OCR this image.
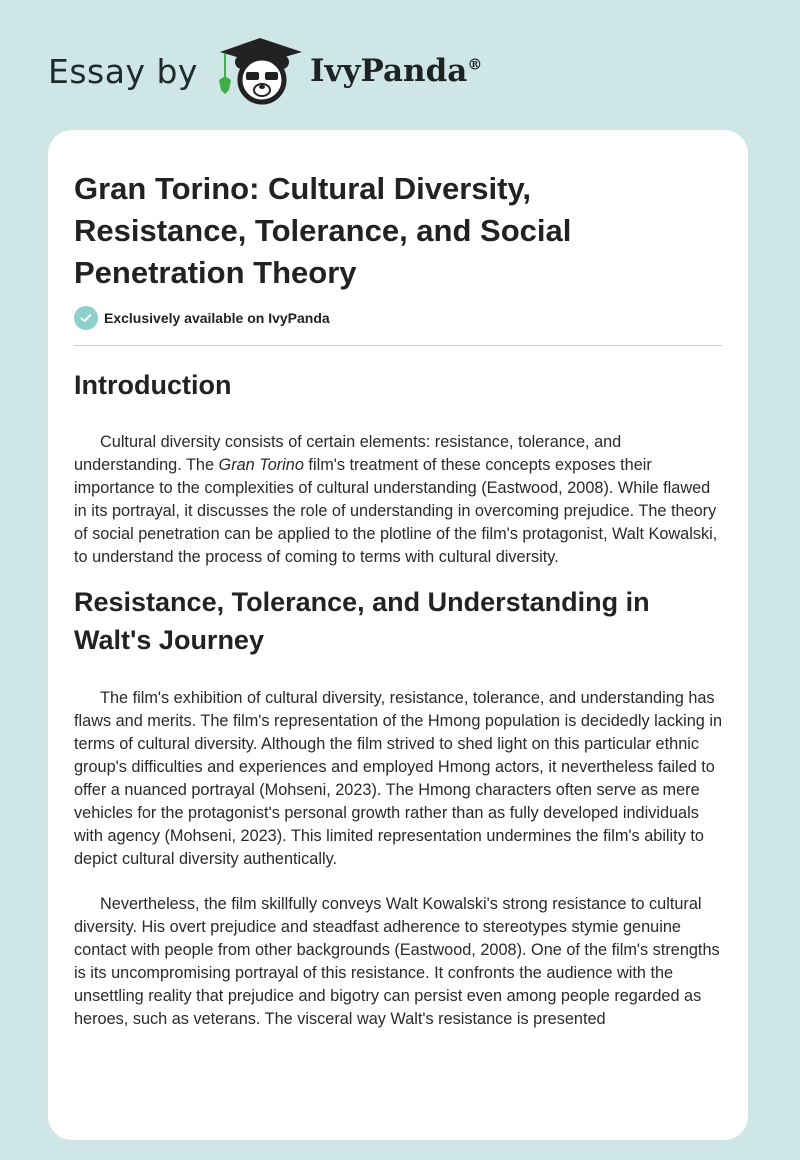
Essay by	IvyPanda®
Gran Torino: Cultural Diversity, Resistance, Tolerance, and Social Penetration Theory
Exclusively available on IvyPanda
Introduction

Cultural diversity consists of certain elements: resistance, tolerance, and understanding. The Gran Torino film's treatment of these concepts exposes their importance to the complexities of cultural understanding (Eastwood, 2008). While flawed in its portrayal, it discusses the role of understanding in overcoming prejudice. The theory of social penetration can be applied to the plotline of the film's protagonist, Walt Kowalski, to understand the process of coming to terms with cultural diversity.

Resistance, Tolerance, and Understanding in Walt's Journey

The film's exhibition of cultural diversity, resistance, tolerance, and understanding has flaws and merits. The film's representation of the Hmong population is decidedly lacking in terms of cultural diversity. Although the film strived to shed light on this particular ethnic group's difficulties and experiences and employed Hmong actors, it nevertheless failed to offer a nuanced portrayal (Mohseni, 2023). The Hmong characters often serve as mere vehicles for the protagonist's personal growth rather than as fully developed individuals with agency (Mohseni, 2023). This limited representation undermines the film's ability to depict cultural diversity authentically.

Nevertheless, the film skillfully conveys Walt Kowalski's strong resistance to cultural diversity. His overt prejudice and steadfast adherence to stereotypes stymie genuine contact with people from other backgrounds (Eastwood, 2008). One of the film's strengths is its uncompromising portrayal of this resistance. It confronts the audience with the unsettling reality that prejudice and bigotry can persist even among people regarded as heroes, such as veterans. The visceral way Walt's resistance is presented
